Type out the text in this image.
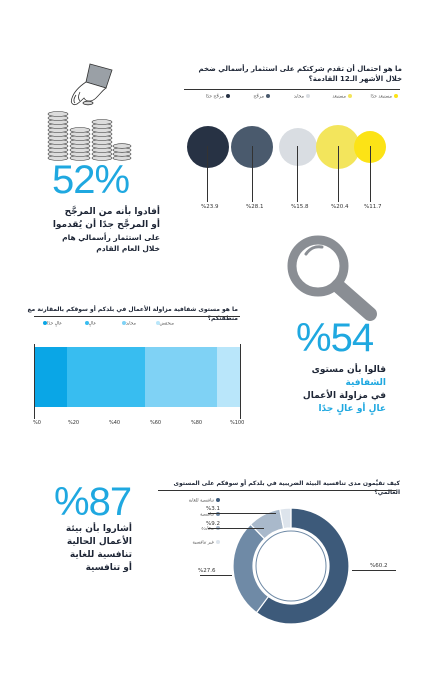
52%
أفادوا بأنه من المرجَّح
أو المرجَّح جدًا أن يُقدموا
على استثمار رأسمالي هام
خلال العام القادم
ما هو احتمال أن تقدم شركتكم على استثمار رأسمالي ضخم
خلال الأشهر الـ12 القادمة؟
مستبعد جدًا
مستبعد
محايد
مرجَّح
مرجَّح جدًا
%23.9	%28.1	%15.8	%20.4	%11.7
%54
قالوا بأن مستوى
الشفافية
في مزاولة الأعمال
عالٍ أو عالٍ جدًا
ما هو مستوى شفافية مزاولة الأعمال في بلدكم أو سوقكم بالمقارنة مع منطقتكم؟
عالٍ جدًا	عالٍ	محايد	منخفض
%0	%20	%40	%60	%80	%100
%87
أشاروا بأن بيئة
الأعمال الحالية
تنافسية للغاية
أو تنافسية
كيف تقيِّمون مدى تنافسية البيئة الضريبية في بلدكم أو سوقكم على المستوى العالمي؟
تنافسية للغاية
تنافسية
محايدة
غير تنافسية
%3.1
%9.2
%27.6
%60.2
